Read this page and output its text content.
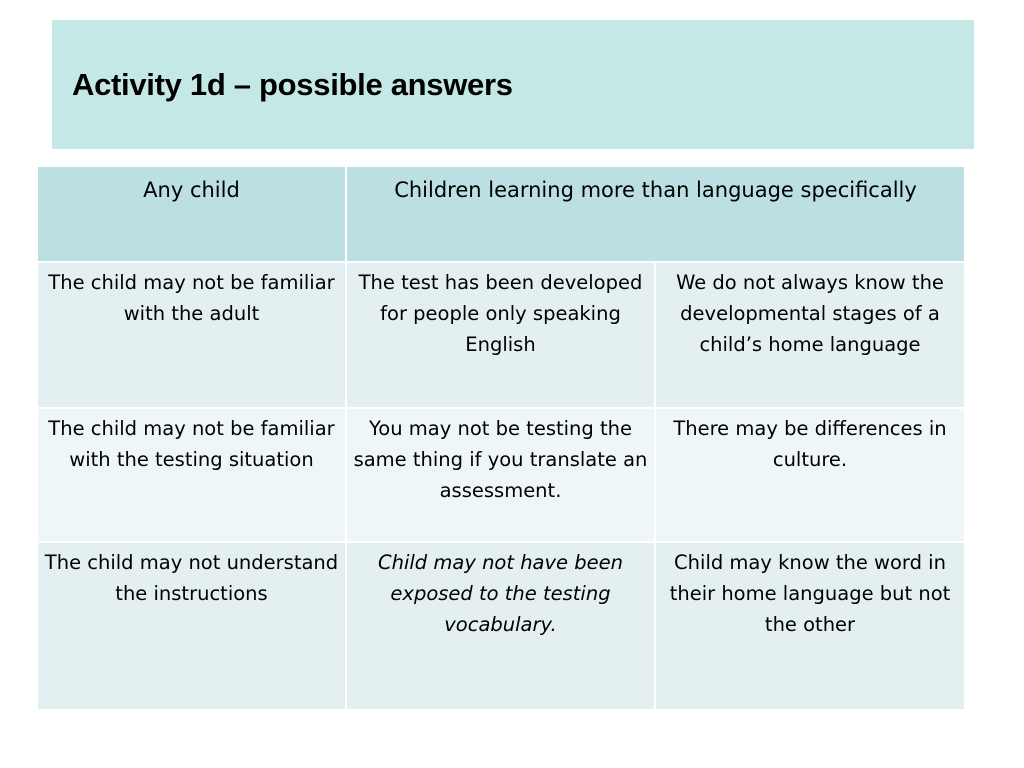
Activity 1d – possible answers
Any child	Children learning more than language specifically	
The child may not be familiar with the adult	The test has been developed for people only speaking English	We do not always know the developmental stages of a child’s home language
The child may not be familiar with the testing situation	You may not be testing the same thing if you translate an assessment.	There may be differences in culture.
The child may not understand the instructions	Child may not have been exposed to the testing vocabulary.	Child may know the word in their home language but not the other
